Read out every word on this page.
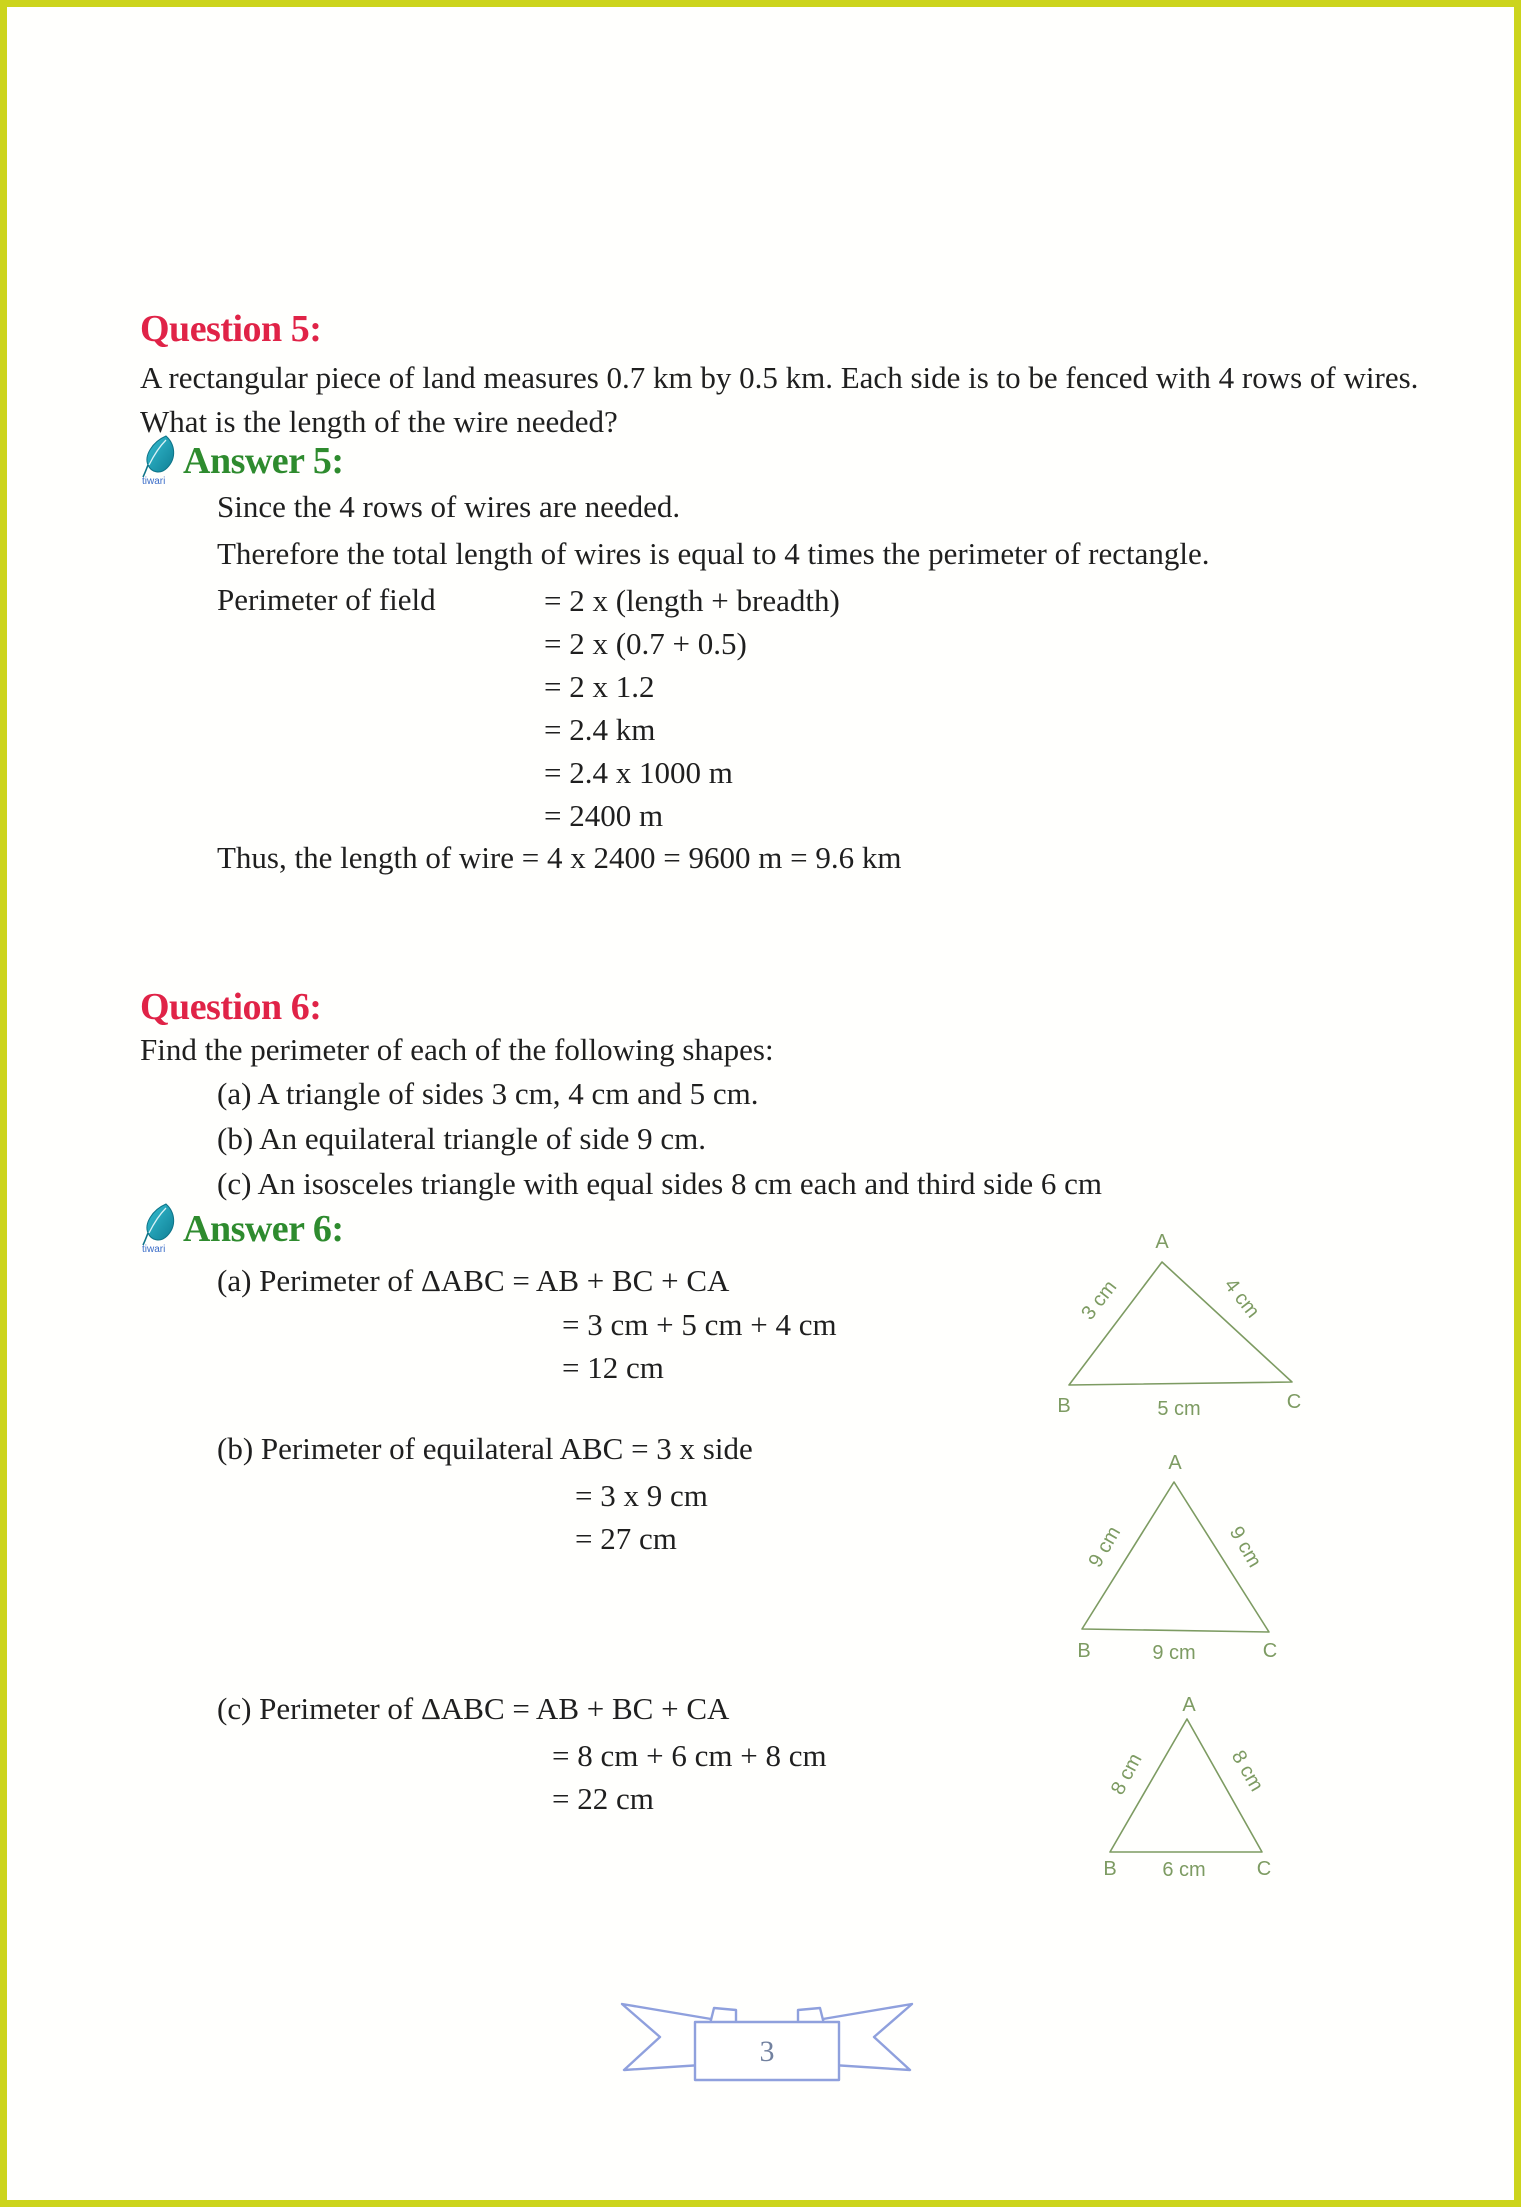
Question 5:
A rectangular piece of land measures 0.7 km by 0.5 km. Each side is to be fenced with 4 rows of wires. What is the length of the wire needed?
tiwari Answer 5:
Since the 4 rows of wires are needed.
Therefore the total length of wires is equal to 4 times the perimeter of rectangle.
Perimeter of field	= 2 x (length + breadth)
= 2 x (0.7 + 0.5)
= 2 x 1.2
= 2.4 km
= 2.4 x 1000 m
= 2400 m
Thus, the length of wire = 4 x 2400 = 9600 m = 9.6 km
Question 6:
Find the perimeter of each of the following shapes:
(a) A triangle of sides 3 cm, 4 cm and 5 cm.
(b) An equilateral triangle of side 9 cm.
(c) An isosceles triangle with equal sides 8 cm each and third side 6 cm
tiwari Answer 6:
(a) Perimeter of ΔABC = AB + BC + CA
= 3 cm + 5 cm + 4 cm
= 12 cm
(b) Perimeter of equilateral ABC = 3 x side
= 3 x 9 cm
= 27 cm
(c) Perimeter of ΔABC = AB + BC + CA
= 8 cm + 6 cm + 8 cm
= 22 cm
A
B	C
3 cm	4 cm
5 cm
A
B	C
9 cm	9 cm
9 cm
A
B	C
8 cm	8 cm
6 cm
3
